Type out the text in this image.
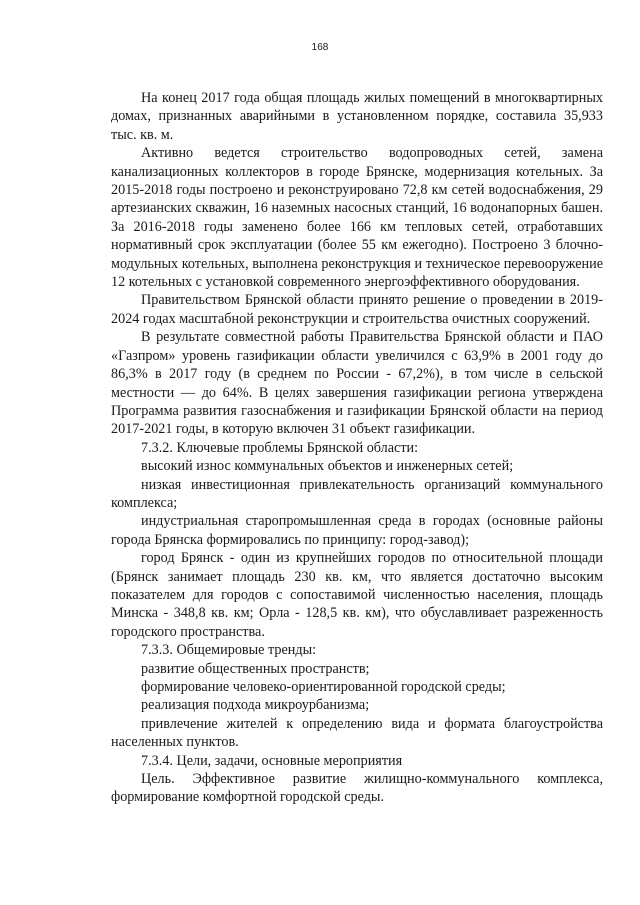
168

На конец 2017 года общая площадь жилых помещений в многоквартирных домах, признанных аварийными в установленном порядке, составила 35,933 тыс. кв. м.

Активно ведется строительство водопроводных сетей, замена канализационных коллекторов в городе Брянске, модернизация котельных. За 2015-2018 годы построено и реконструировано 72,8 км сетей водоснабжения, 29 артезианских скважин, 16 наземных насосных станций, 16 водонапорных башен. За 2016-2018 годы заменено более 166 км тепловых сетей, отработавших нормативный срок эксплуатации (более 55 км ежегодно). Построено 3 блочно-модульных котельных, выполнена реконструкция и техническое перевооружение 12 котельных с установкой современного энергоэффективного оборудования.

Правительством Брянской области принято решение о проведении в 2019-2024 годах масштабной реконструкции и строительства очистных сооружений.

В результате совместной работы Правительства Брянской области и ПАО «Газпром» уровень газификации области увеличился с 63,9% в 2001 году до 86,3% в 2017 году (в среднем по России - 67,2%), в том числе в сельской местности — до 64%. В целях завершения газификации региона утверждена Программа развития газоснабжения и газификации Брянской области на период 2017-2021 годы, в которую включен 31 объект газификации.

7.3.2. Ключевые проблемы Брянской области:

высокий износ коммунальных объектов и инженерных сетей;

низкая инвестиционная привлекательность организаций коммунального комплекса;

индустриальная старопромышленная среда в городах (основные районы города Брянска формировались по принципу: город-завод);

город Брянск - один из крупнейших городов по относительной площади (Брянск занимает площадь 230 кв. км, что является достаточно высоким показателем для городов с сопоставимой численностью населения, площадь Минска - 348,8 кв. км; Орла - 128,5 кв. км), что обуславливает разреженность городского пространства.

7.3.3. Общемировые тренды:

развитие общественных пространств;

формирование человеко-ориентированной городской среды;

реализация подхода микроурбанизма;

привлечение жителей к определению вида и формата благоустройства населенных пунктов.

7.3.4. Цели, задачи, основные мероприятия

Цель. Эффективное развитие жилищно-коммунального комплекса, формирование комфортной городской среды.
